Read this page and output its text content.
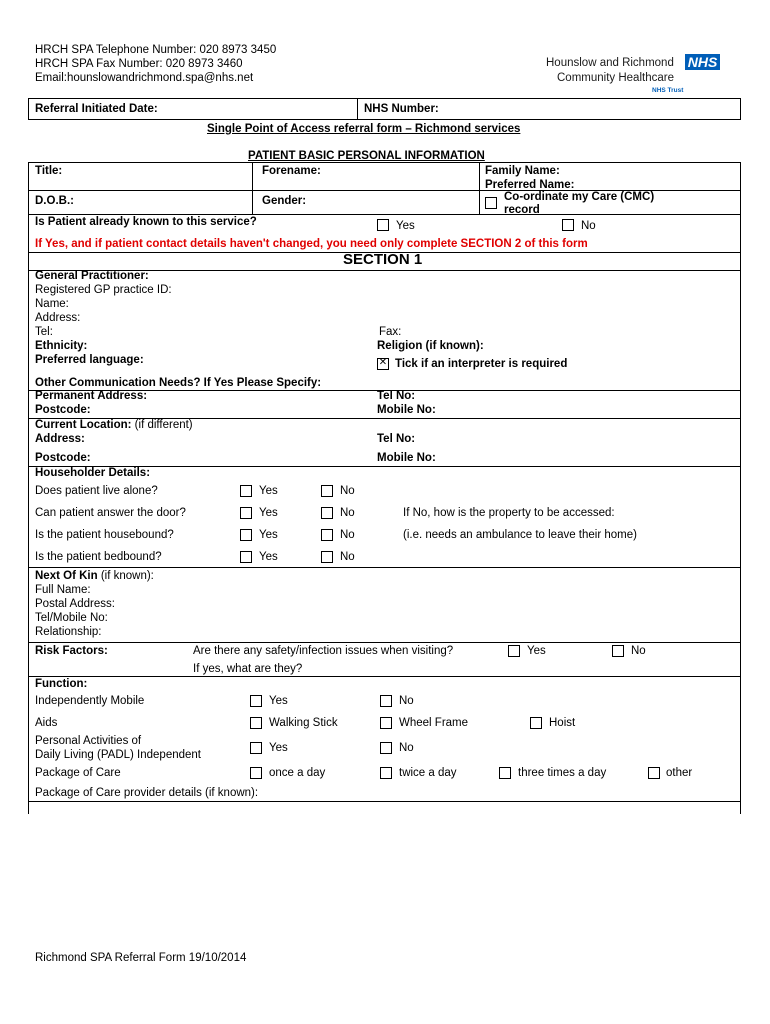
HRCH SPA Telephone Number: 020 8973 3450
HRCH SPA Fax Number: 020 8973 3460
Email:hounslowandrichmond.spa@nhs.net
Hounslow and Richmond
Community Healthcare
NHS
NHS Trust
Referral Initiated Date:	NHS Number:
Single Point of Access referral form – Richmond services
PATIENT BASIC PERSONAL INFORMATION
Title:	Forename:	Family Name:
Preferred Name:
D.O.B.:	Gender:	Co-ordinate my Care (CMC)
record
Is Patient already known to this service?	Yes	No
If Yes, and if patient contact details haven't changed, you need only complete SECTION 2 of this form
SECTION 1
General Practitioner:
Registered GP practice ID:
Name:
Address:
Tel:	Fax:
Ethnicity:	Religion (if known):
Preferred language:
✕	Tick if an interpreter is required
Other Communication Needs? If Yes Please Specify:
Permanent Address:	Tel No:
Postcode:	Mobile No:
Current Location: (if different)
Address:	Tel No:
Postcode:	Mobile No:
Householder Details:
Does patient live alone?	Yes	No
Can patient answer the door?	Yes	No	If No, how is the property to be accessed:
Is the patient housebound?	Yes	No	(i.e. needs an ambulance to leave their home)
Is the patient bedbound?	Yes	No
Next Of Kin (if known):
Full Name:
Postal Address:
Tel/Mobile No:
Relationship:
Risk Factors:	Are there any safety/infection issues when visiting?	Yes	No
If yes, what are they?
Function:
Independently Mobile	Yes	No
Aids	Walking Stick	Wheel Frame	Hoist
Personal Activities of
Daily Living (PADL) Independent
Yes	No
Package of Care	once a day	twice a day	three times a day	other
Package of Care provider details (if known):
Richmond SPA Referral Form 19/10/2014
